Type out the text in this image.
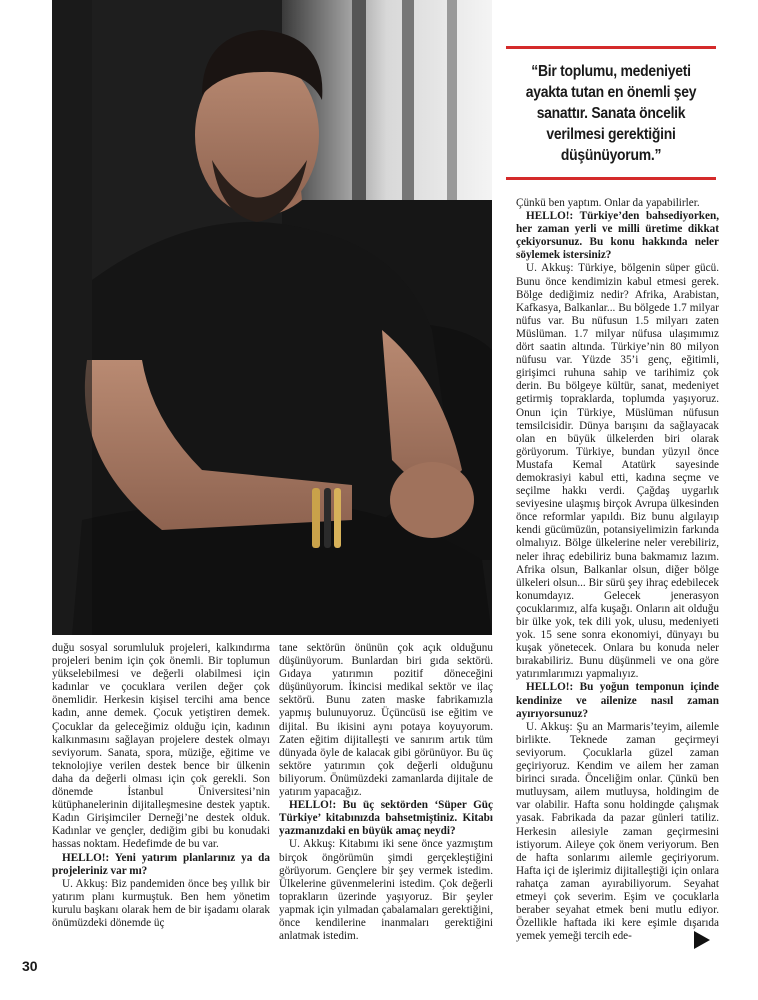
“Bir toplumu, medeniyeti ayakta tutan en önemli şey sanattır. Sanata öncelik verilmesi gerektiğini düşünüyorum.”

duğu sosyal sorumluluk projeleri, kalkındırma projeleri benim için çok önemli. Bir toplumun yükselebilmesi ve değerli olabilmesi için kadınlar ve çocuklara verilen değer çok önemlidir. Herkesin kişisel tercihi ama bence kadın, anne demek. Çocuk yetiştiren demek. Çocuklar da geleceğimiz olduğu için, kadının kalkınmasını sağlayan projelere destek olmayı seviyorum. Sanata, spora, müziğe, eğitime ve teknolojiye verilen destek bence bir ülkenin daha da değerli olması için çok gerekli. Son dönemde İstanbul Üniversitesi’nin kütüphanelerinin dijitalleşmesine destek yaptık. Kadın Girişimciler Derneği’ne destek olduk. Kadınlar ve gençler, dediğim gibi bu konudaki hassas noktam. Hedefimde de bu var.

HELLO!: Yeni yatırım planlarınız ya da projeleriniz var mı?

U. Akkuş: Biz pandemiden önce beş yıllık bir yatırım planı kurmuştuk. Ben hem yönetim kurulu başkanı olarak hem de bir işadamı olarak önümüzdeki dönemde üç

tane sektörün önünün çok açık olduğunu düşünüyorum. Bunlardan biri gıda sektörü. Gıdaya yatırımın pozitif döneceğini düşünüyorum. İkincisi medikal sektör ve ilaç sektörü. Bunu zaten maske fabrikamızla yapmış bulunuyoruz. Üçüncüsü ise eğitim ve dijital. Bu ikisini aynı potaya koyuyorum. Zaten eğitim dijitalleşti ve sanırım artık tüm dünyada öyle de kalacak gibi görünüyor. Bu üç sektöre yatırımın çok değerli olduğunu biliyorum. Önümüzdeki zamanlarda dijitale de yatırım yapacağız.

HELLO!: Bu üç sektörden ‘Süper Güç Türkiye’ kitabınızda bahsetmiştiniz. Kitabı yazmanızdaki en büyük amaç neydi?

U. Akkuş: Kitabımı iki sene önce yazmıştım birçok öngörümün şimdi gerçekleştiğini görüyorum. Gençlere bir şey vermek istedim. Ülkelerine güvenmelerini istedim. Çok değerli toprakların üzerinde yaşıyoruz. Bir şeyler yapmak için yılmadan çabalamaları gerektiğini, önce kendilerine inanmaları gerektiğini anlatmak istedim.

Çünkü ben yaptım. Onlar da yapabilirler.

HELLO!: Türkiye’den bahsediyorken, her zaman yerli ve milli üretime dikkat çekiyorsunuz. Bu konu hakkında neler söylemek istersiniz?

U. Akkuş: Türkiye, bölgenin süper gücü. Bunu önce kendimizin kabul etmesi gerek. Bölge dediğimiz nedir? Afrika, Arabistan, Kafkasya, Balkanlar... Bu bölgede 1.7 milyar nüfus var. Bu nüfusun 1.5 milyarı zaten Müslüman. 1.7 milyar nüfusa ulaşımımız dört saatin altında. Türkiye’nin 80 milyon nüfusu var. Yüzde 35’i genç, eğitimli, girişimci ruhuna sahip ve tarihimiz çok derin. Bu bölgeye kültür, sanat, medeniyet getirmiş topraklarda, toplumda yaşıyoruz. Onun için Türkiye, Müslüman nüfusun temsilcisidir. Dünya barışını da sağlayacak olan en büyük ülkelerden biri olarak görüyorum. Türkiye, bundan yüzyıl önce Mustafa Kemal Atatürk sayesinde demokrasiyi kabul etti, kadına seçme ve seçilme hakkı verdi. Çağdaş uygarlık seviyesine ulaşmış birçok Avrupa ülkesinden önce reformlar yapıldı. Biz bunu algılayıp kendi gücümüzün, potansiyelimizin farkında olmalıyız. Bölge ülkelerine neler verebiliriz, neler ihraç edebiliriz buna bakmamız lazım. Afrika olsun, Balkanlar olsun, diğer bölge ülkeleri olsun... Bir sürü şey ihraç edebilecek konumdayız. Gelecek jenerasyon çocuklarımız, alfa kuşağı. Onların ait olduğu bir ülke yok, tek dili yok, ulusu, medeniyeti yok. 15 sene sonra ekonomiyi, dünyayı bu kuşak yönetecek. Onlara bu konuda neler bırakabiliriz. Bunu düşünmeli ve ona göre yatırımlarımızı yapmalıyız.

HELLO!: Bu yoğun temponun içinde kendinize ve ailenize nasıl zaman ayırıyorsunuz?

U. Akkuş: Şu an Marmaris’teyim, ailemle birlikte. Teknede zaman geçirmeyi seviyorum. Çocuklarla güzel zaman geçiriyoruz. Kendim ve ailem her zaman birinci sırada. Önceliğim onlar. Çünkü ben mutluysam, ailem mutluysa, holdingim de var olabilir. Hafta sonu holdingde çalışmak yasak. Fabrikada da pazar günleri tatiliz. Herkesin ailesiyle zaman geçirmesini istiyorum. Aileye çok önem veriyorum. Ben de hafta sonlarımı ailemle geçiriyorum. Hafta içi de işlerimiz dijitalleştiği için onlara rahatça zaman ayırabiliyorum. Seyahat etmeyi çok severim. Eşim ve çocuklarla beraber seyahat etmek beni mutlu ediyor. Özellikle haftada iki kere eşimle dışarıda yemek yemeği tercih ede-

30
